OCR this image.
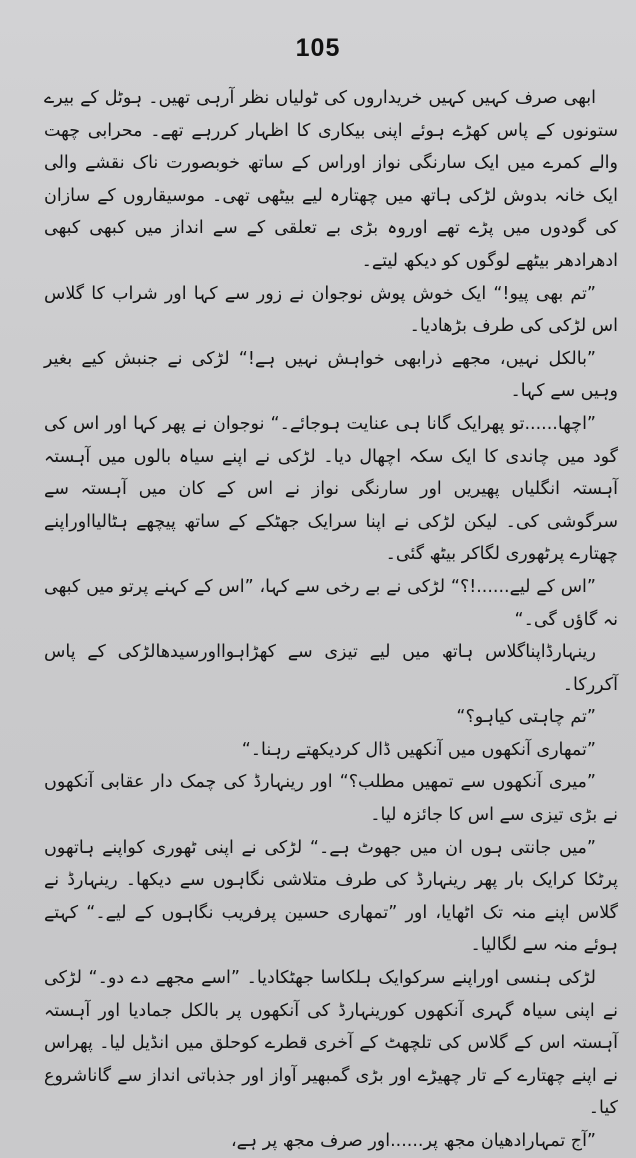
105

ابھی صرف کہیں کہیں خریداروں کی ٹولیاں نظر آرہی تھیں۔ ہوٹل کے بیرے ستونوں کے پاس کھڑے ہوئے اپنی بیکاری کا اظہار کررہے تھے۔ محرابی چھت والے کمرے میں ایک سارنگی نواز اوراس کے ساتھ خوبصورت ناک نقشے والی ایک خانہ بدوش لڑکی ہاتھ میں چھتارہ لیے بیٹھی تھی۔ موسیقاروں کے سازان کی گودوں میں پڑے تھے اوروہ بڑی بے تعلقی کے سے انداز میں کبھی کبھی ادھرادھر بیٹھے لوگوں کو دیکھ لیتے۔

”تم بھی پیو!“ ایک خوش پوش نوجوان نے زور سے کہا اور شراب کا گلاس اس لڑکی کی طرف بڑھادیا۔

”بالکل نہیں، مجھے ذرابھی خواہش نہیں ہے!“ لڑکی نے جنبش کیے بغیر وہیں سے کہا۔

”اچھا......تو پھرایک گانا ہی عنایت ہوجائے۔“ نوجوان نے پھر کہا اور اس کی گود میں چاندی کا ایک سکہ اچھال دیا۔ لڑکی نے اپنے سیاہ بالوں میں آہستہ آہستہ انگلیاں پھیریں اور سارنگی نواز نے اس کے کان میں آہستہ سے سرگوشی کی۔ لیکن لڑکی نے اپنا سرایک جھٹکے کے ساتھ پیچھے ہٹالیااوراپنے چھتارے پرٹھوری لگاکر بیٹھ گئی۔

”اس کے لیے......!؟“ لڑکی نے بے رخی سے کہا، ”اس کے کہنے پرتو میں کبھی نہ گاؤں گی۔“

رینہارڈاپناگلاس ہاتھ میں لیے تیزی سے کھڑاہوااورسیدھالڑکی کے پاس آکررکا۔

”تم چاہتی کیاہو؟“

”تمھاری آنکھوں میں آنکھیں ڈال کردیکھتے رہنا۔“

”میری آنکھوں سے تمھیں مطلب؟“ اور رینہارڈ کی چمک دار عقابی آنکھوں نے بڑی تیزی سے اس کا جائزہ لیا۔

”میں جانتی ہوں ان میں جھوٹ ہے۔“ لڑکی نے اپنی ٹھوری کواپنے ہاتھوں پرٹکا کرایک بار پھر رینہارڈ کی طرف متلاشی نگاہوں سے دیکھا۔ رینہارڈ نے گلاس اپنے منہ تک اٹھایا، اور ”تمھاری حسین پرفریب نگاہوں کے لیے۔“ کہتے ہوئے منہ سے لگالیا۔

لڑکی ہنسی اوراپنے سرکوایک ہلکاسا جھٹکادیا۔ ”اسے مجھے دے دو۔“ لڑکی نے اپنی سیاہ گہری آنکھوں کورینہارڈ کی آنکھوں پر بالکل جمادیا اور آہستہ آہستہ اس کے گلاس کی تلچھٹ کے آخری قطرے کوحلق میں انڈیل لیا۔ پھراس نے اپنے چھتارے کے تار چھیڑے اور بڑی گمبھیر آواز اور جذباتی انداز سے گاناشروع کیا۔

”آج تمہارادھیان مجھ پر......اور صرف مجھ پر ہے،
